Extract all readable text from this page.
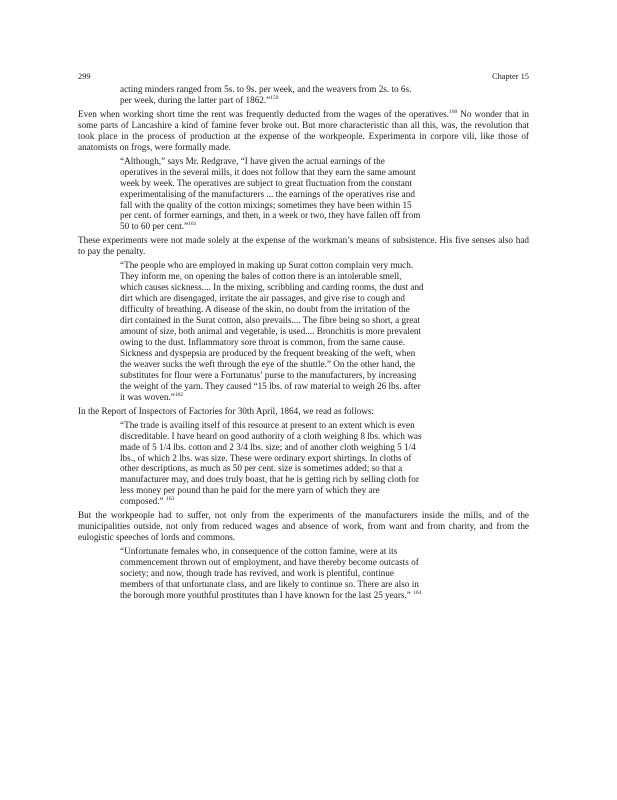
299	Chapter 15
acting minders ranged from 5s. to 9s. per week, and the weavers from 2s. to 6s.
per week, during the latter part of 1862.”$^{159}$

Even when working short time the rent was frequently deducted from the wages of the operatives.$^{160}$ No wonder that in some parts of Lancashire a kind of famine fever broke out. But more characteristic than all this, was, the revolution that took place in the process of production at the expense of the workpeople. Experimenta in corpore vili, like those of anatomists on frogs, were formally made.

“Although,” says Mr. Redgrave, “I have given the actual earnings of the
operatives in the several mills, it does not follow that they earn the same amount
week by week. The operatives are subject to great fluctuation from the constant
experimentalising of the manufacturers ... the earnings of the operatives rise and
fall with the quality of the cotton mixings; sometimes they have been within 15
per cent. of former earnings, and then, in a week or two, they have fallen off from
50 to 60 per cent.”$^{161}$

These experiments were not made solely at the expense of the workman’s means of subsistence. His five senses also had to pay the penalty.

“The people who are employed in making up Surat cotton complain very much.
They inform me, on opening the bales of cotton there is an intolerable smell,
which causes sickness.... In the mixing, scribbling and carding rooms, the dust and
dirt which are disengaged, irritate the air passages, and give rise to cough and
difficulty of breathing. A disease of the skin, no doubt from the irritation of the
dirt contained in the Surat cotton, also prevails.... The fibre being so short, a great
amount of size, both animal and vegetable, is used.... Bronchitis is more prevalent
owing to the dust. Inflammatory sore throat is common, from the same cause.
Sickness and dyspepsia are produced by the frequent breaking of the weft, when
the weaver sucks the weft through the eye of the shuttle.” On the other hand, the
substitutes for flour were a Fortunatus’ purse to the manufacturers, by increasing
the weight of the yarn. They caused “15 lbs. of raw material to weigh 26 lbs. after
it was woven.”$^{162}$

In the Report of Inspectors of Factories for 30th April, 1864, we read as follows:

“The trade is availing itself of this resource at present to an extent which is even
discreditable. I have heard on good authority of a cloth weighing 8 lbs. which was
made of 5 1/4 lbs. cotton and 2 3/4 lbs. size; and of another cloth weighing 5 1/4
lbs., of which 2 lbs. was size. These were ordinary export shirtings. In cloths of
other descriptions, as much as 50 per cent. size is sometimes added; so that a
manufacturer may, and does truly boast, that he is getting rich by selling cloth for
less money per pound than he paid for the mere yarn of which they are
composed.” $^{163}$

But the workpeople had to suffer, not only from the experiments of the manufacturers inside the mills, and of the municipalities outside, not only from reduced wages and absence of work, from want and from charity, and from the eulogistic speeches of lords and commons.

“Unfortunate females who, in consequence of the cotton famine, were at its
commencement thrown out of employment, and have thereby become outcasts of
society; and now, though trade has revived, and work is plentiful, continue
members of that unfortunate class, and are likely to continue so. There are also in
the borough more youthful prostitutes than I have known for the last 25 years.” $^{164}$
